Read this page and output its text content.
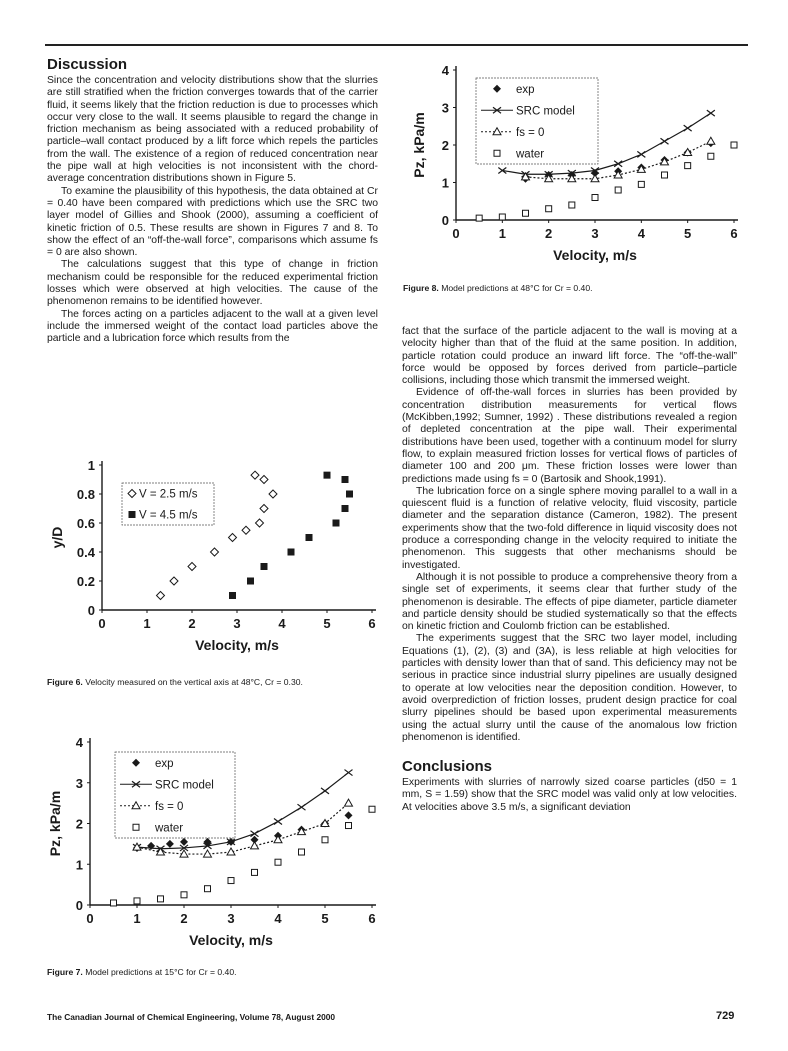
Discussion

Since the concentration and velocity distributions show that the slurries are still stratified when the friction converges towards that of the carrier fluid, it seems likely that the friction reduction is due to processes which occur very close to the wall. It seems plausible to regard the change in friction mechanism as being associated with a reduced probability of particle–wall contact produced by a lift force which repels the particles from the wall. The existence of a region of reduced concentration near the pipe wall at high velocities is not inconsistent with the chord-average concentration distributions shown in Figure 5.

To examine the plausibility of this hypothesis, the data obtained at Cr = 0.40 have been compared with predictions which use the SRC two layer model of Gillies and Shook (2000), assuming a coefficient of kinetic friction of 0.5. These results are shown in Figures 7 and 8. To show the effect of an “off-the-wall force”, comparisons which assume fs = 0 are also shown.

The calculations suggest that this type of change in friction mechanism could be responsible for the reduced experimental friction losses which were observed at high velocities. The cause of the phenomenon remains to be identified however.

The forces acting on a particles adjacent to the wall at a given level include the immersed weight of the contact load particles above the particle and a lubrication force which results from the

fact that the surface of the particle adjacent to the wall is moving at a velocity higher than that of the fluid at the same position. In addition, particle rotation could produce an inward lift force. The “off-the-wall” force would be opposed by forces derived from particle–particle collisions, including those which transmit the immersed weight.

Evidence of off-the-wall forces in slurries has been provided by concentration distribution measurements for vertical flows (McKibben,1992; Sumner, 1992) . These distributions revealed a region of depleted concentration at the pipe wall. Their experimental distributions have been used, together with a continuum model for slurry flow, to explain measured friction losses for vertical flows of particles of diameter 100 and 200 μm. These friction losses were lower than predictions made using fs = 0 (Bartosik and Shook,1991).

The lubrication force on a single sphere moving parallel to a wall in a quiescent fluid is a function of relative velocity, fluid viscosity, particle diameter and the separation distance (Cameron, 1982). The present experiments show that the two-fold difference in liquid viscosity does not produce a corresponding change in the velocity required to initiate the phenomenon. This suggests that other mechanisms should be investigated.

Although it is not possible to produce a comprehensive theory from a single set of experiments, it seems clear that further study of the phenomenon is desirable. The effects of pipe diameter, particle diameter and particle density should be studied systematically so that the effects on kinetic friction and Coulomb friction can be established.

The experiments suggest that the SRC two layer model, including Equations (1), (2), (3) and (3A), is less reliable at high velocities for particles with density lower than that of sand. This deficiency may not be serious in practice since industrial slurry pipelines are usually designed to operate at low velocities near the deposition condition. However, to avoid overprediction of friction losses, prudent design practice for coal slurry pipelines should be based upon experimental measurements using the actual slurry until the cause of the anomalous low friction phenomenon is identified.

Conclusions

Experiments with slurries of narrowly sized coarse particles (d50 = 1 mm, S = 1.59) show that the SRC model was valid only at low velocities. At velocities above 3.5 m/s, a significant deviation

0	1	2	3	4	5	6
0
0.2
0.4
0.6
0.8
1
Velocity, m/s
y/D
V = 2.5 m/s
V = 4.5 m/s
Figure 6. Velocity measured on the vertical axis at 48°C, Cr = 0.30.
0	1	2	3	4	5	6
0
1
2
3
4
Velocity, m/s
Pz, kPa/m
exp
SRC model
fs = 0
water
Figure 7. Model predictions at 15°C for Cr = 0.40.
0	1	2	3	4	5	6
0
1
2
3
4
Velocity, m/s
Pz, kPa/m
exp
SRC model
fs = 0
water
Figure 8. Model predictions at 48°C for Cr = 0.40.
The Canadian Journal of Chemical Engineering, Volume 78, August 2000	729
